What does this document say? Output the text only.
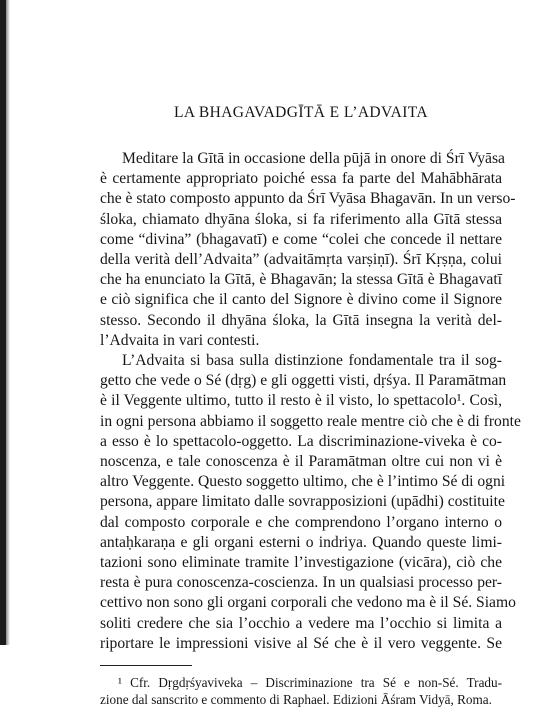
LA BHAGAVADGĪTĀ E L’ADVAITA
Meditare la Gītā in occasione della pūjā in onore di Śrī Vyāsa
è certamente appropriato poiché essa fa parte del Mahābhārata
che è stato composto appunto da Śrī Vyāsa Bhagavān. In un verso-
śloka, chiamato dhyāna śloka, si fa riferimento alla Gītā stessa
come “divina” (bhagavatī) e come “colei che concede il nettare
della verità dell’Advaita” (advaitāmṛta varṣiṇī). Śrī Kṛṣṇa, colui
che ha enunciato la Gītā, è Bhagavān; la stessa Gītā è Bhagavatī
e ciò significa che il canto del Signore è divino come il Signore
stesso. Secondo il dhyāna śloka, la Gītā insegna la verità del-
l’Advaita in vari contesti.
L’Advaita si basa sulla distinzione fondamentale tra il sog-
getto che vede o Sé (dṛg) e gli oggetti visti, dṛśya. Il Paramātman
è il Veggente ultimo, tutto il resto è il visto, lo spettacolo¹. Così,
in ogni persona abbiamo il soggetto reale mentre ciò che è di fronte
a esso è lo spettacolo-oggetto. La discriminazione-viveka è co-
noscenza, e tale conoscenza è il Paramātman oltre cui non vi è
altro Veggente. Questo soggetto ultimo, che è l’intimo Sé di ogni
persona, appare limitato dalle sovrapposizioni (upādhi) costituite
dal composto corporale e che comprendono l’organo interno o
antaḥkaraṇa e gli organi esterni o indriya. Quando queste limi-
tazioni sono eliminate tramite l’investigazione (vicāra), ciò che
resta è pura conoscenza-coscienza. In un qualsiasi processo per-
cettivo non sono gli organi corporali che vedono ma è il Sé. Siamo
soliti credere che sia l’occhio a vedere ma l’occhio si limita a
riportare le impressioni visive al Sé che è il vero veggente. Se
¹ Cfr. Dṛgdṛśyaviveka – Discriminazione tra Sé e non-Sé. Tradu-
zione dal sanscrito e commento di Raphael. Edizioni Āśram Vidyā, Roma.
